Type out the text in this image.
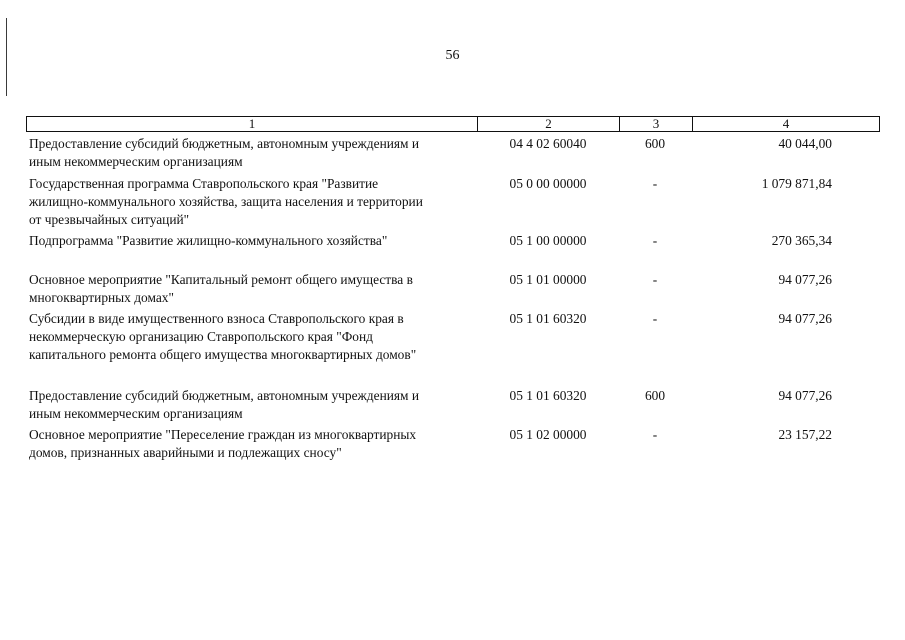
56
1	2	3	4
Предоставление субсидий бюджетным, автономным учреждениям и
иным некоммерческим организациям
04 4 02 60040	600	40 044,00
Государственная программа Ставропольского края "Развитие
жилищно-коммунального хозяйства, защита населения и территории
от чрезвычайных ситуаций"
05 0 00 00000	-	1 079 871,84
Подпрограмма "Развитие жилищно-коммунального хозяйства"	05 1 00 00000	-	270 365,34
Основное мероприятие "Капитальный ремонт общего имущества в
многоквартирных домах"
05 1 01 00000	-	94 077,26
Субсидии в виде имущественного взноса Ставропольского края в
некоммерческую организацию Ставропольского края "Фонд
капитального ремонта общего имущества многоквартирных домов"
05 1 01 60320	-	94 077,26
Предоставление субсидий бюджетным, автономным учреждениям и
иным некоммерческим организациям
05 1 01 60320	600	94 077,26
Основное мероприятие "Переселение граждан из многоквартирных
домов, признанных аварийными и подлежащих сносу"
05 1 02 00000	-	23 157,22
